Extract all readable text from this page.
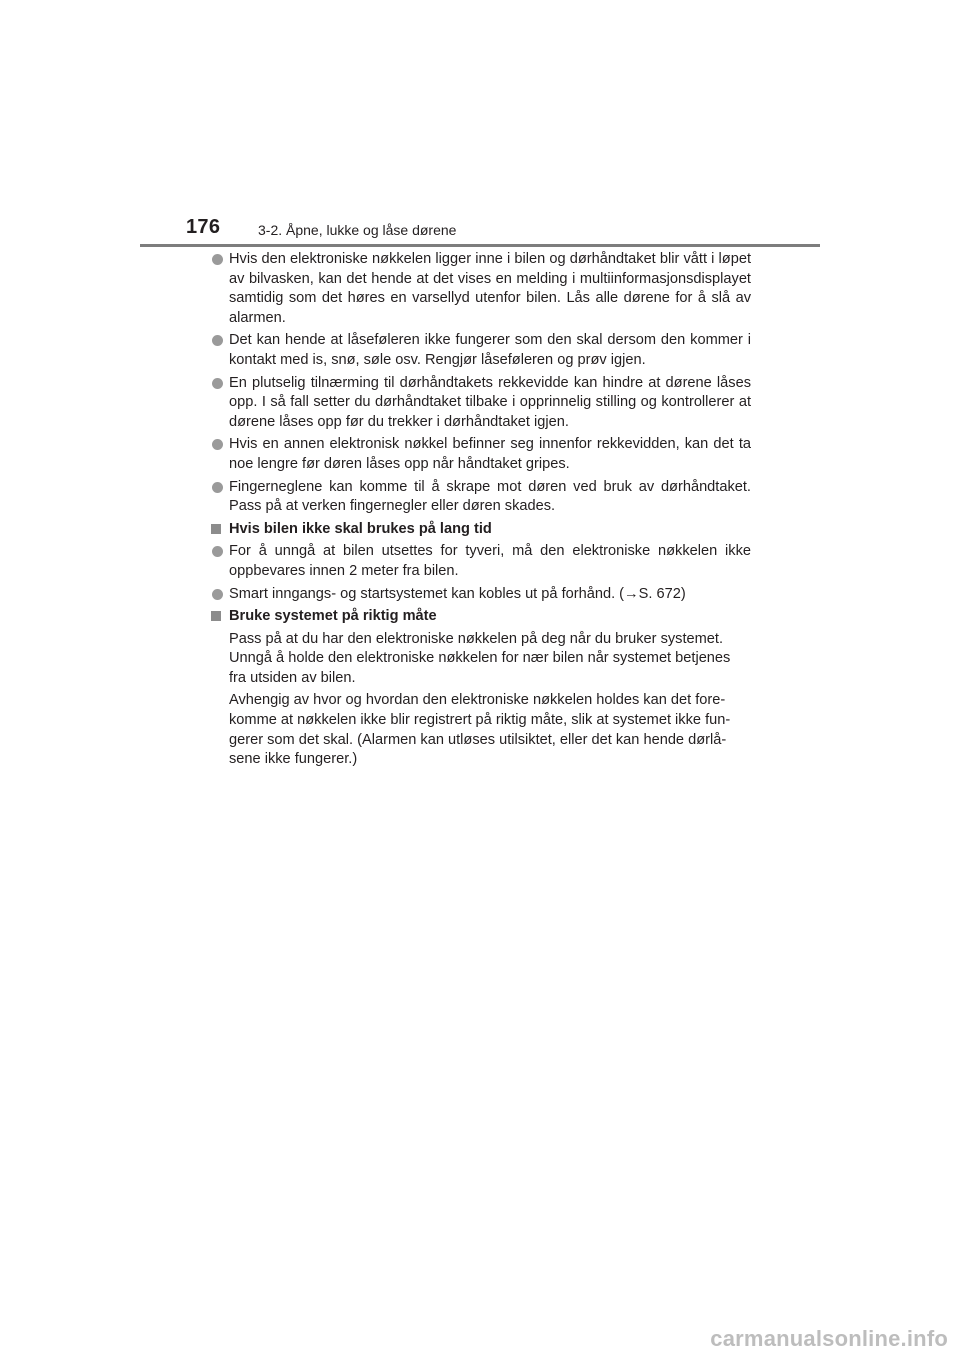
176	3-2. Åpne, lukke og låse dørene
Hvis den elektroniske nøkkelen ligger inne i bilen og dørhåndtaket blir vått i løpet av bilvasken, kan det hende at det vises en melding i multiinformasjonsdisplayet samtidig som det høres en varsellyd utenfor bilen. Lås alle dørene for å slå av alarmen.
Det kan hende at låseføleren ikke fungerer som den skal dersom den kommer i kontakt med is, snø, søle osv. Rengjør låseføleren og prøv igjen.
En plutselig tilnærming til dørhåndtakets rekkevidde kan hindre at dørene låses opp. I så fall setter du dørhåndtaket tilbake i opprinnelig stilling og kontrollerer at dørene låses opp før du trekker i dørhåndtaket igjen.
Hvis en annen elektronisk nøkkel befinner seg innenfor rekkevidden, kan det ta noe lengre før døren låses opp når håndtaket gripes.
Fingerneglene kan komme til å skrape mot døren ved bruk av dørhåndtaket. Pass på at verken fingernegler eller døren skades.
Hvis bilen ikke skal brukes på lang tid
For å unngå at bilen utsettes for tyveri, må den elektroniske nøkkelen ikke oppbevares innen 2 meter fra bilen.
Smart inngangs- og startsystemet kan kobles ut på forhånd. (→S. 672)
Bruke systemet på riktig måte
Pass på at du har den elektroniske nøkkelen på deg når du bruker systemet. Unngå å holde den elektroniske nøkkelen for nær bilen når systemet betjenes fra utsiden av bilen.
Avhengig av hvor og hvordan den elektroniske nøkkelen holdes kan det forekomme at nøkkelen ikke blir registrert på riktig måte, slik at systemet ikke fungerer som det skal. (Alarmen kan utløses utilsiktet, eller det kan hende dørlåsene ikke fungerer.)
carmanualsonline.info
